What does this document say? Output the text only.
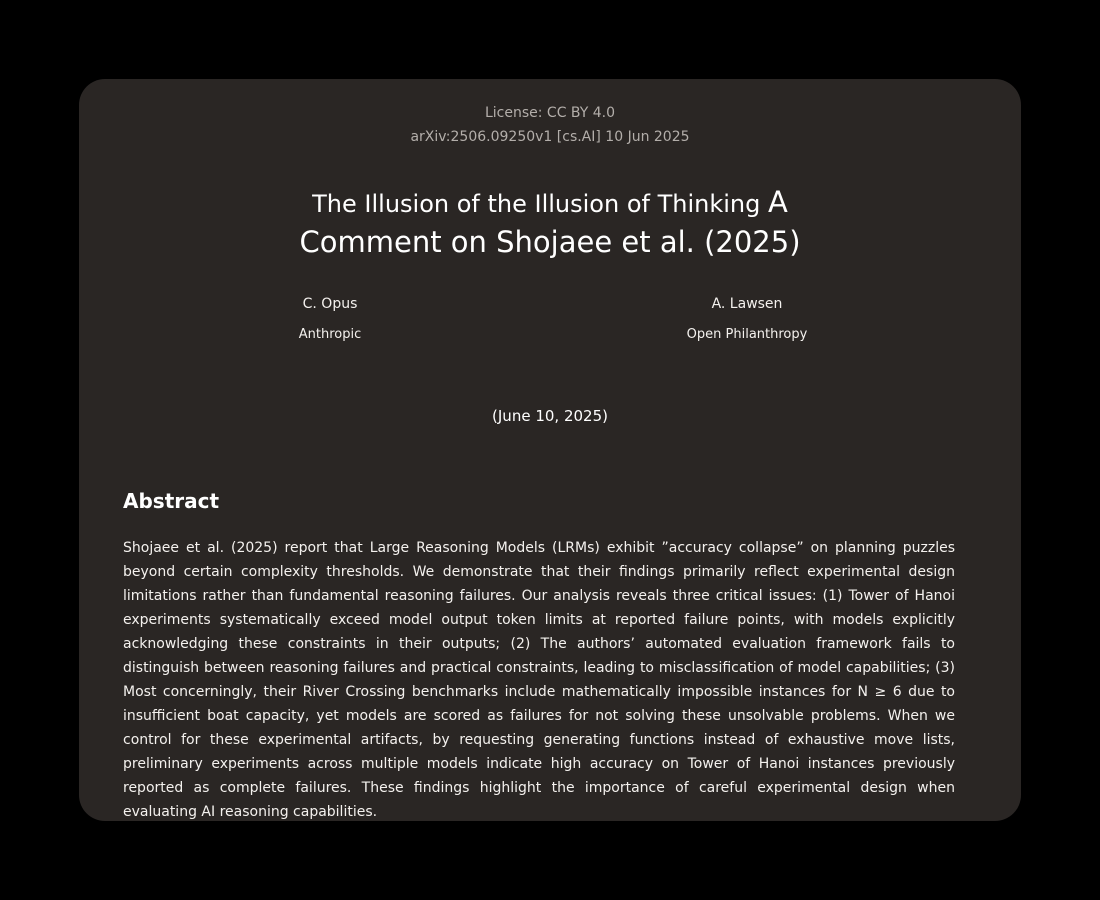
License: CC BY 4.0
arXiv:2506.09250v1 [cs.AI] 10 Jun 2025
The Illusion of the Illusion of Thinking A
Comment on Shojaee et al. (2025)
C. Opus
Anthropic
A. Lawsen
Open Philanthropy
(June 10, 2025)
Abstract
Shojaee et al. (2025) report that Large Reasoning Models (LRMs) exhibit ”accuracy collapse” on planning puzzles beyond certain complexity thresholds. We demonstrate that their findings primarily reflect experimental design limitations rather than fundamental reasoning failures. Our analysis reveals three critical issues: (1) Tower of Hanoi experiments systematically exceed model output token limits at reported failure points, with models explicitly acknowledging these constraints in their outputs; (2) The authors’ automated evaluation framework fails to distinguish between reasoning failures and practical constraints, leading to misclassification of model capabilities; (3) Most concerningly, their River Crossing benchmarks include mathematically impossible instances for N ≥ 6 due to insufficient boat capacity, yet models are scored as failures for not solving these unsolvable problems. When we control for these experimental artifacts, by requesting generating functions instead of exhaustive move lists, preliminary experiments across multiple models indicate high accuracy on Tower of Hanoi instances previously reported as complete failures. These findings highlight the importance of careful experimental design when evaluating AI reasoning capabilities.
